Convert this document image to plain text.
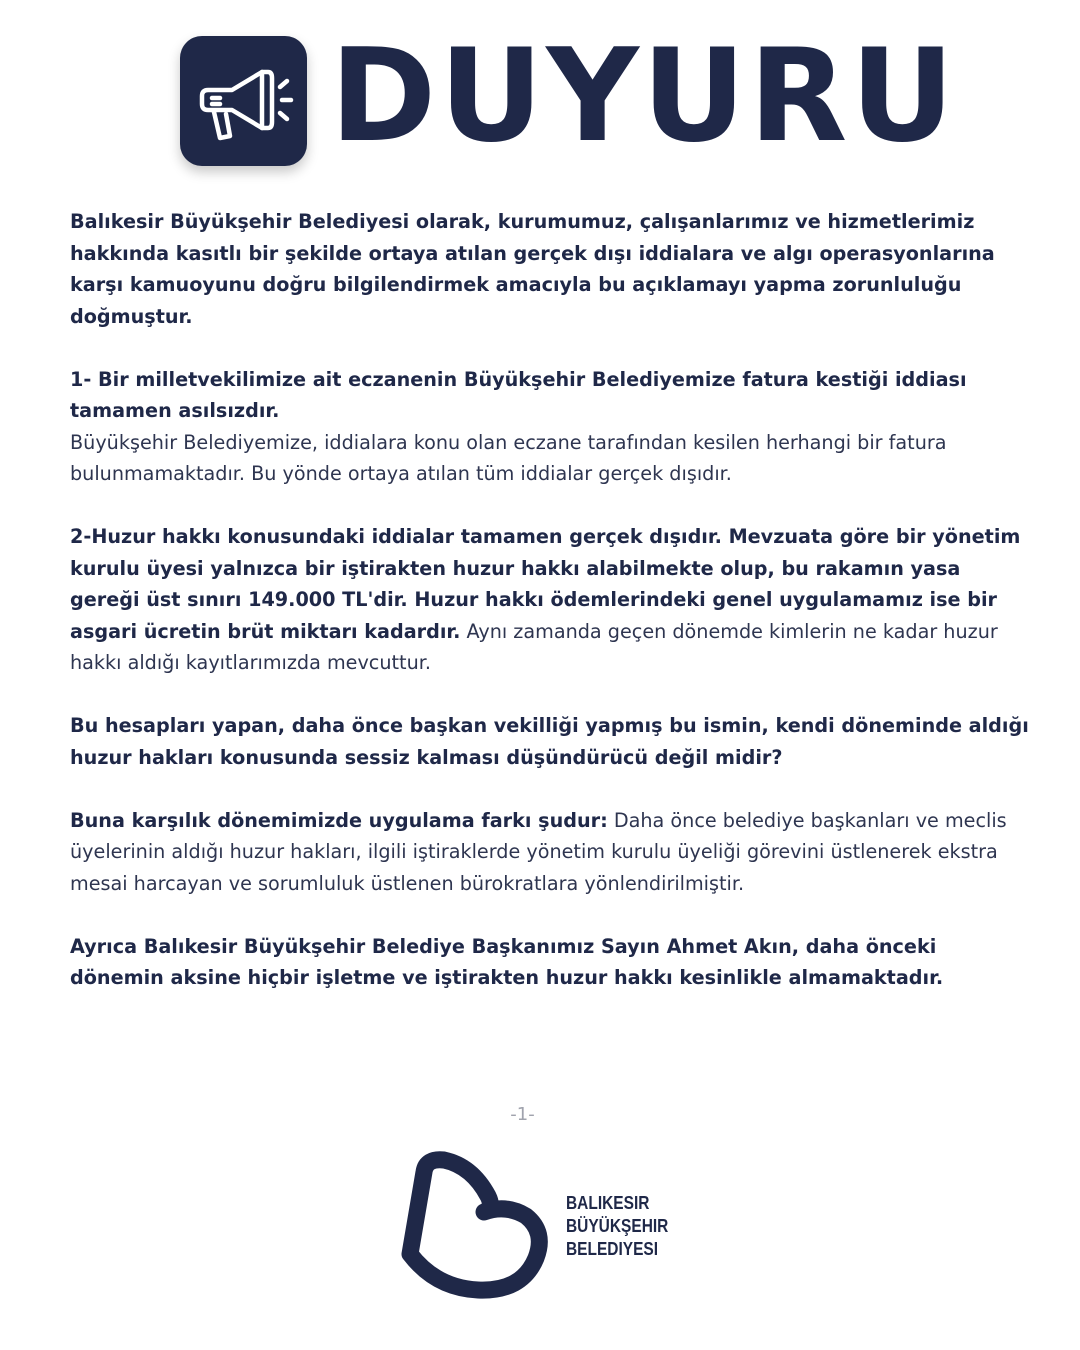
DUYURU

Balıkesir Büyükşehir Belediyesi olarak, kurumumuz, çalışanlarımız ve hizmetlerimiz hakkında kasıtlı bir şekilde ortaya atılan gerçek dışı iddialara ve algı operasyonlarına karşı kamuoyunu doğru bilgilendirmek amacıyla bu açıklamayı yapma zorunluluğu doğmuştur.

1- Bir milletvekilimize ait eczanenin Büyükşehir Belediyemize fatura kestiği iddiası tamamen asılsızdır.
Büyükşehir Belediyemize, iddialara konu olan eczane tarafından kesilen herhangi bir fatura bulunmamaktadır. Bu yönde ortaya atılan tüm iddialar gerçek dışıdır.

2-Huzur hakkı konusundaki iddialar tamamen gerçek dışıdır. Mevzuata göre bir yönetim kurulu üyesi yalnızca bir iştirakten huzur hakkı alabilmekte olup, bu rakamın yasa gereği üst sınırı 149.000 TL'dir. Huzur hakkı ödemlerindeki genel uygulamamız ise bir asgari ücretin brüt miktarı kadardır. Aynı zamanda geçen dönemde kimlerin ne kadar huzur hakkı aldığı kayıtlarımızda mevcuttur.

Bu hesapları yapan, daha önce başkan vekilliği yapmış bu ismin, kendi döneminde aldığı huzur hakları konusunda sessiz kalması düşündürücü değil midir?

Buna karşılık dönemimizde uygulama farkı şudur: Daha önce belediye başkanları ve meclis üyelerinin aldığı huzur hakları, ilgili iştiraklerde yönetim kurulu üyeliği görevini üstlenerek ekstra mesai harcayan ve sorumluluk üstlenen bürokratlara yönlendirilmiştir.

Ayrıca Balıkesir Büyükşehir Belediye Başkanımız Sayın Ahmet Akın, daha önceki dönemin aksine hiçbir işletme ve iştirakten huzur hakkı kesinlikle almamaktadır.

-1-
BALIKESIR
BÜYÜKŞEHIR
BELEDIYESI
